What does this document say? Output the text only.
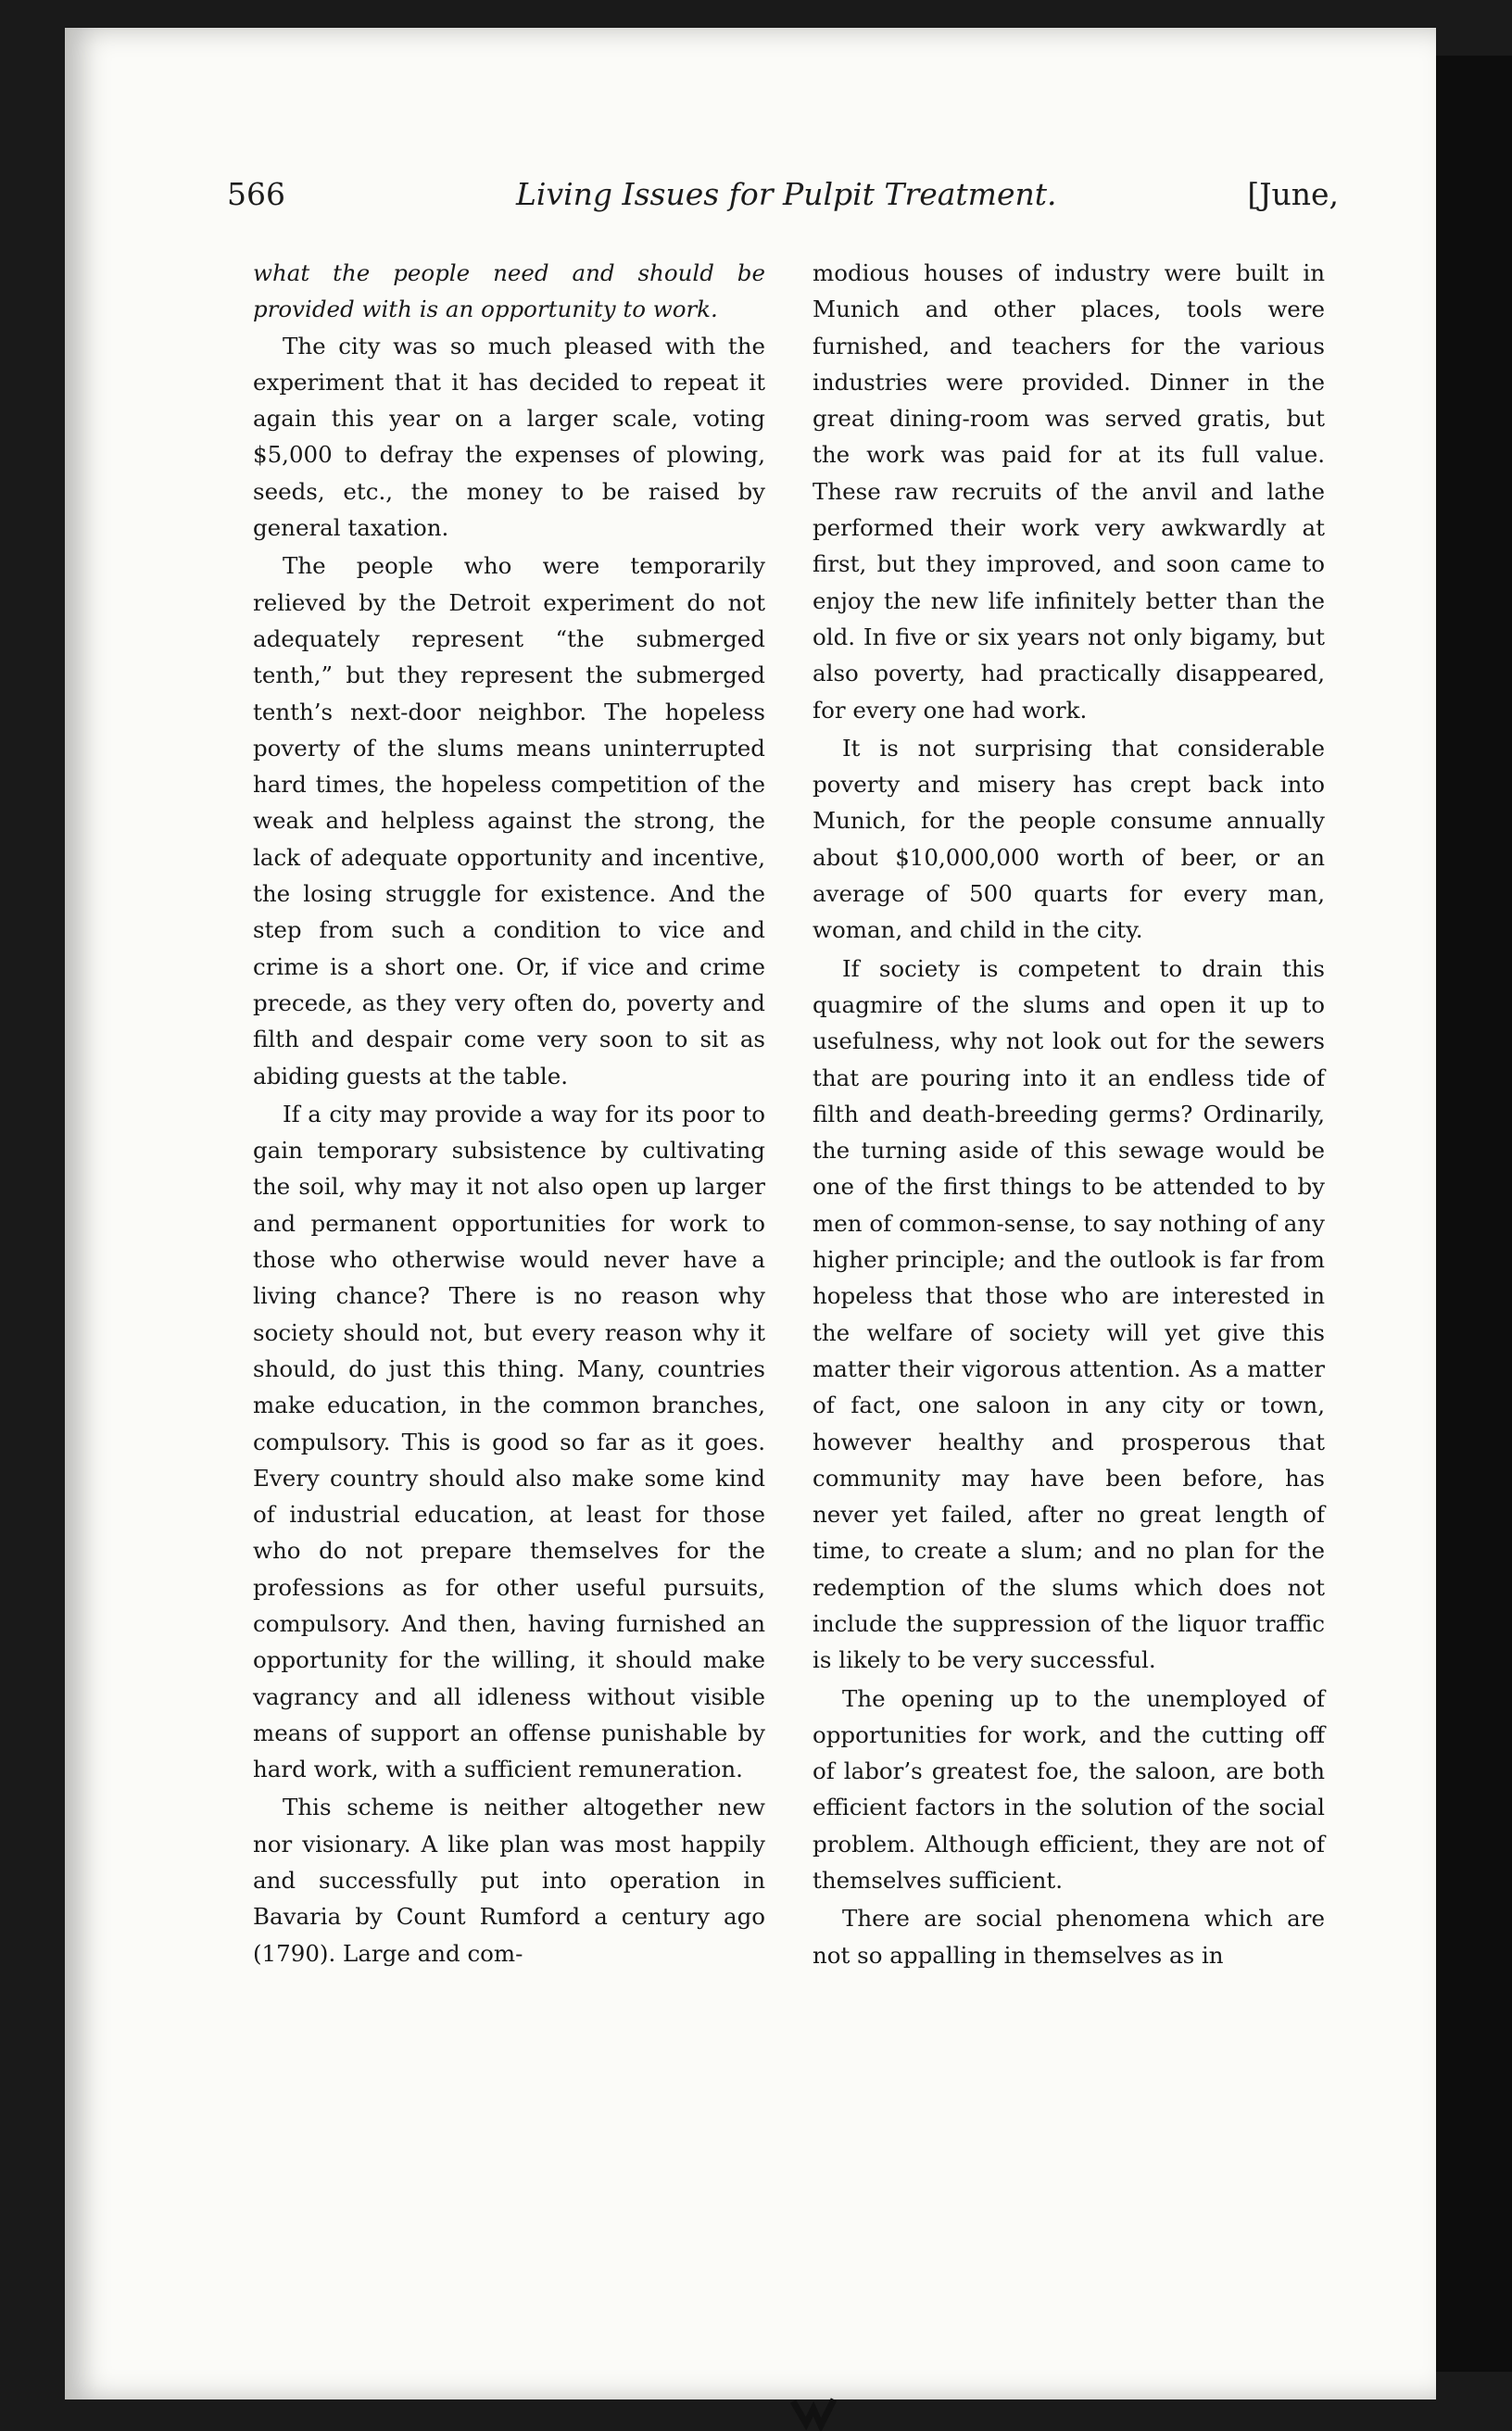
566	Living Issues for Pulpit Treatment.	[June,

what the people need and should be provided with is an opportunity to work.

The city was so much pleased with the experiment that it has decided to repeat it again this year on a larger scale, voting $5,000 to defray the expenses of plowing, seeds, etc., the money to be raised by general taxation.

The people who were temporarily relieved by the Detroit experiment do not adequately represent “the submerged tenth,” but they represent the submerged tenth’s next-door neighbor. The hopeless poverty of the slums means uninterrupted hard times, the hopeless competition of the weak and helpless against the strong, the lack of adequate opportunity and incentive, the losing struggle for existence. And the step from such a condition to vice and crime is a short one. Or, if vice and crime precede, as they very often do, poverty and filth and despair come very soon to sit as abiding guests at the table.

If a city may provide a way for its poor to gain temporary subsistence by cultivating the soil, why may it not also open up larger and permanent opportunities for work to those who otherwise would never have a living chance? There is no reason why society should not, but every reason why it should, do just this thing. Many, countries make education, in the common branches, compulsory. This is good so far as it goes. Every country should also make some kind of industrial education, at least for those who do not prepare themselves for the professions as for other useful pursuits, compulsory. And then, having furnished an opportunity for the willing, it should make vagrancy and all idleness without visible means of support an offense punishable by hard work, with a sufficient remuneration.

This scheme is neither altogether new nor visionary. A like plan was most happily and successfully put into operation in Bavaria by Count Rumford a century ago (1790). Large and com-

modious houses of industry were built in Munich and other places, tools were furnished, and teachers for the various industries were provided. Dinner in the great dining-room was served gratis, but the work was paid for at its full value. These raw recruits of the anvil and lathe performed their work very awkwardly at first, but they improved, and soon came to enjoy the new life infinitely better than the old. In five or six years not only bigamy, but also poverty, had practically disappeared, for every one had work.

It is not surprising that considerable poverty and misery has crept back into Munich, for the people consume annually about $10,000,000 worth of beer, or an average of 500 quarts for every man, woman, and child in the city.

If society is competent to drain this quagmire of the slums and open it up to usefulness, why not look out for the sewers that are pouring into it an endless tide of filth and death-breeding germs? Ordinarily, the turning aside of this sewage would be one of the first things to be attended to by men of common-sense, to say nothing of any higher principle; and the outlook is far from hopeless that those who are interested in the welfare of society will yet give this matter their vigorous attention. As a matter of fact, one saloon in any city or town, however healthy and prosperous that community may have been before, has never yet failed, after no great length of time, to create a slum; and no plan for the redemption of the slums which does not include the suppression of the liquor traffic is likely to be very successful.

The opening up to the unemployed of opportunities for work, and the cutting off of labor’s greatest foe, the saloon, are both efficient factors in the solution of the social problem. Although efficient, they are not of themselves sufficient.

There are social phenomena which are not so appalling in themselves as in
